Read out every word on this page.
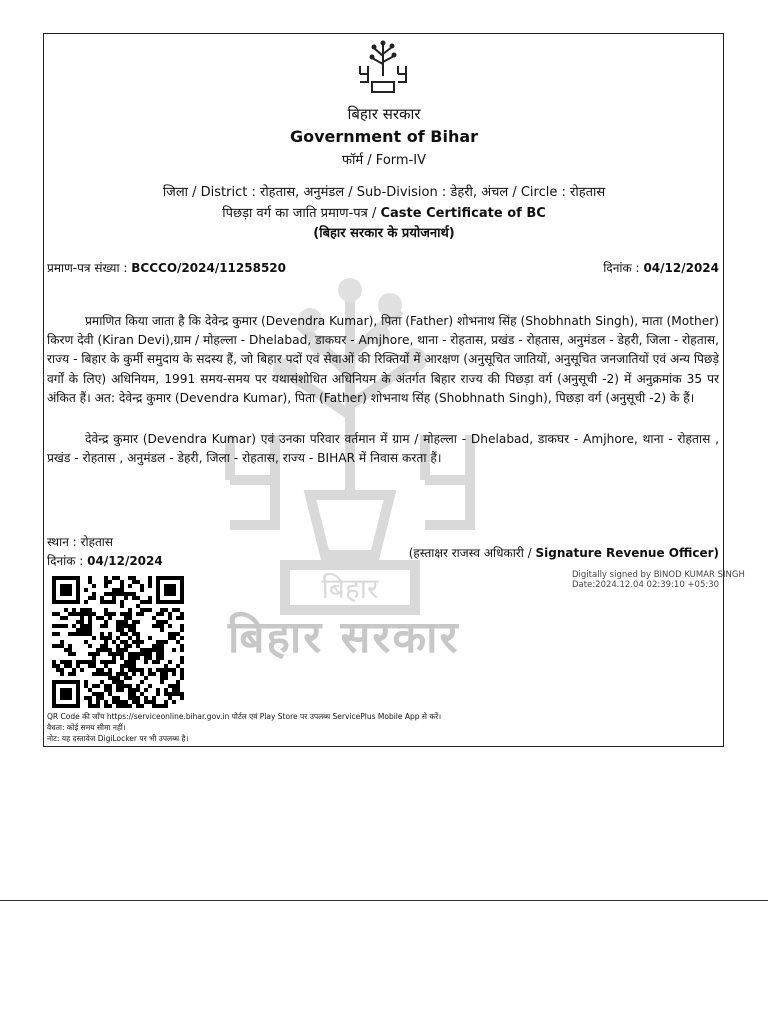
बिहार
बिहार सरकार
बिहार सरकार
Government of Bihar
फॉर्म / Form-IV
जिला / District : रोहतास, अनुमंडल / Sub-Division : डेहरी, अंचल / Circle : रोहतास
पिछड़ा वर्ग का जाति प्रमाण-पत्र / Caste Certificate of BC
(बिहार सरकार के प्रयोजनार्थ)
प्रमाण-पत्र संख्या : BCCCO/2024/11258520	दिनांक : 04/12/2024

प्रमाणित किया जाता है कि देवेन्द्र कुमार (Devendra Kumar), पिता (Father) शोभनाथ सिंह (Shobhnath Singh), माता (Mother) किरण देवी (Kiran Devi),ग्राम / मोहल्ला - Dhelabad, डाकघर - Amjhore, थाना - रोहतास, प्रखंड - रोहतास, अनुमंडल - डेहरी, जिला - रोहतास, राज्य - बिहार के कुर्मी समुदाय के सदस्य हैं, जो बिहार पदों एवं सेवाओं की रिक्तियों में आरक्षण (अनुसूचित जातियों, अनुसूचित जनजातियों एवं अन्य पिछड़े वर्गों के लिए) अधिनियम, 1991 समय-समय पर यथासंशोधित अधिनियम के अंतर्गत बिहार राज्य की पिछड़ा वर्ग (अनुसूची -2) में अनुक्रमांक 35 पर अंकित हैं। अत: देवेन्द्र कुमार (Devendra Kumar), पिता (Father) शोभनाथ सिंह (Shobhnath Singh), पिछड़ा वर्ग (अनुसूची -2) के हैं।

देवेन्द्र कुमार (Devendra Kumar) एवं उनका परिवार वर्तमान में ग्राम / मोहल्ला - Dhelabad, डाकघर - Amjhore, थाना - रोहतास , प्रखंड - रोहतास , अनुमंडल - डेहरी, जिला - रोहतास, राज्य - BIHAR में निवास करता हैं।

स्थान : रोहतास
दिनांक : 04/12/2024
(हस्ताक्षर राजस्व अधिकारी / Signature Revenue Officer)
Digitally signed by BINOD KUMAR SINGH
Date:2024.12.04 02:39:10 +05:30
QR Code की जाँच https://serviceonline.bihar.gov.in पोर्टल एवं Play Store पर उपलब्ध ServicePlus Mobile App से करें।
वैधता: कोई समय सीमा नहीं।
नोट: यह दस्तावेज DigiLocker पर भी उपलब्ध है।
